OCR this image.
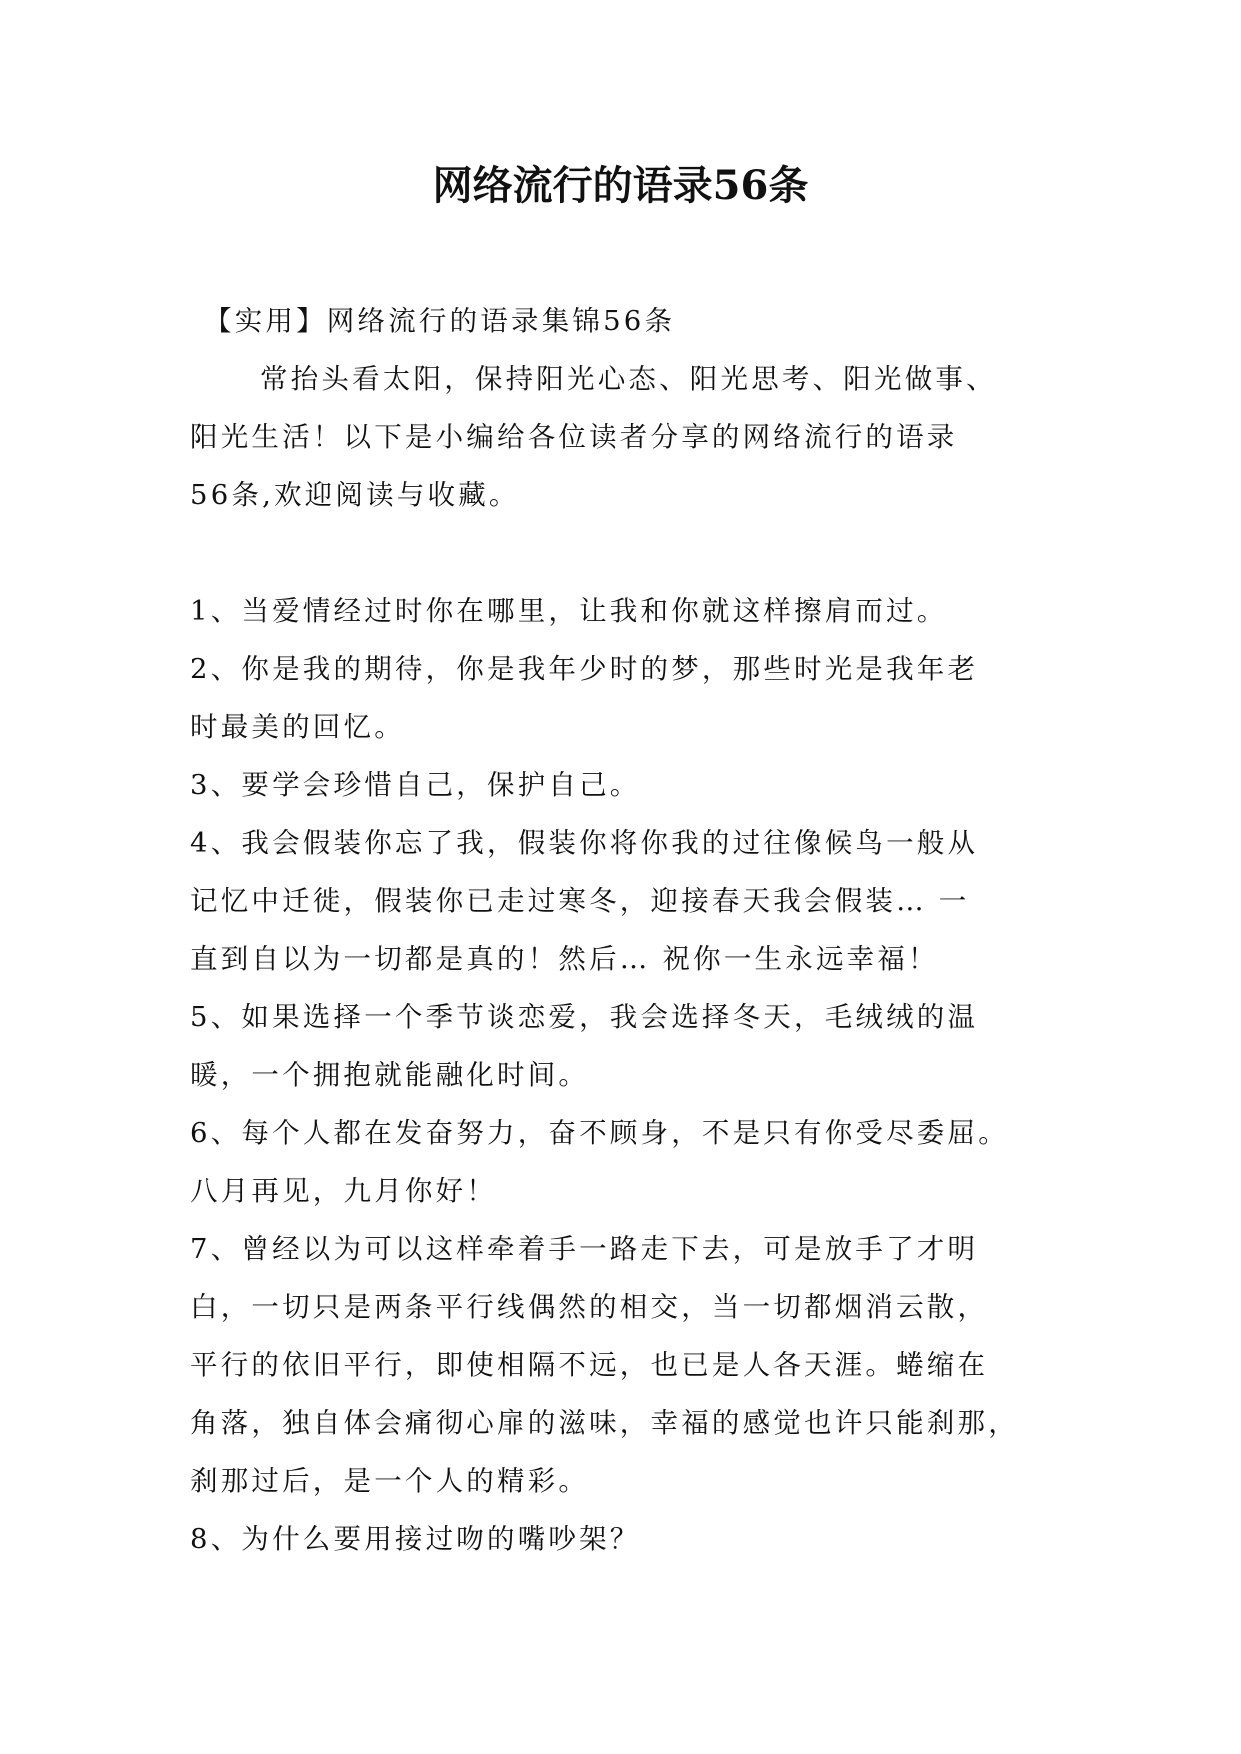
网络流行的语录56条
【实用】网络流行的语录集锦56条
常抬头看太阳，保持阳光心态、阳光思考、阳光做事、
阳光生活！以下是小编给各位读者分享的网络流行的语录
56条,欢迎阅读与收藏。
1、当爱情经过时你在哪里，让我和你就这样擦肩而过。
2、你是我的期待，你是我年少时的梦，那些时光是我年老
时最美的回忆。
3、要学会珍惜自己，保护自己。
4、我会假装你忘了我，假装你将你我的过往像候鸟一般从
记忆中迁徙，假装你已走过寒冬，迎接春天我会假装… 一
直到自以为一切都是真的！然后… 祝你一生永远幸福！
5、如果选择一个季节谈恋爱，我会选择冬天，毛绒绒的温
暖，一个拥抱就能融化时间。
6、每个人都在发奋努力，奋不顾身，不是只有你受尽委屈。
八月再见，九月你好！
7、曾经以为可以这样牵着手一路走下去，可是放手了才明
白，一切只是两条平行线偶然的相交，当一切都烟消云散，
平行的依旧平行，即使相隔不远，也已是人各天涯。蜷缩在
角落，独自体会痛彻心扉的滋味，幸福的感觉也许只能刹那，
刹那过后，是一个人的精彩。
8、为什么要用接过吻的嘴吵架？
